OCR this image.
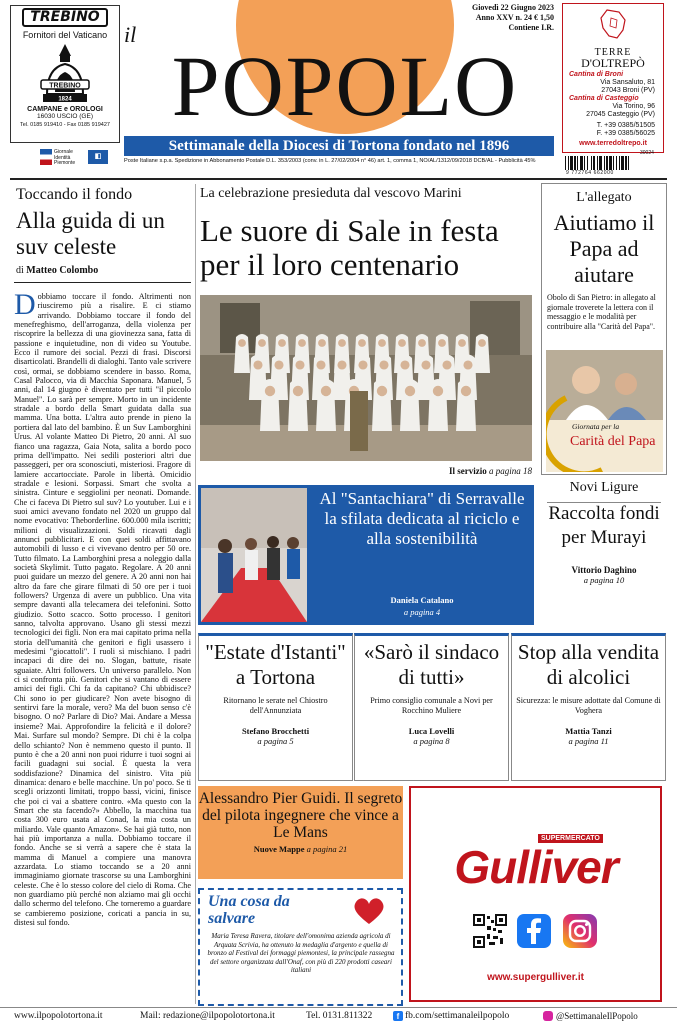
TREBINO
Fornitori del Vaticano
TREBINO
1824
CAMPANE e OROLOGI
16030 USCIO (GE)
Tel. 0185 919410 - Fax 0185 919427
Giornale Identità Piemonte
◧
il
POPOLO
Giovedì 22 Giugno 2023
Anno XXV n. 24 € 1,50
Contiene I.R.
Settimanale della Diocesi di Tortona fondato nel 1896
Poste Italiane s.p.a. Spedizione in Abbonamento Postale D.L. 353/2003 (conv. in L. 27/02/2004 n° 46) art. 1, comma 1, NO/AL/1312/09/2018 DCB/AL - Pubblicità 45%
TERRE
D'OLTREPÒ
Cantina di Broni
Via Sansaluto, 81
27043 Broni (PV)
Cantina di Casteggio
Via Torino, 96
27045 Casteggio (PV)
T. +39 0385/51505
F. +39 0385/56025
www.terredoltrepo.it
9 772764 662000
30024
Toccando il fondo
Alla guida di un suv celeste
di Matteo Colombo
Dobbiamo toccare il fondo. Altrimenti non riusciremo più a risalire. E ci stiamo arrivando. Dobbiamo toccare il fondo del menefreghismo, dell'arroganza, della violenza per riscoprire la bellezza di una giovinezza sana, fatta di passione e inquietudine, non di video su Youtube. Ecco il rumore dei social. Pezzi di frasi. Discorsi disarticolati. Brandelli di dialoghi. Tanto vale scrivere così, ormai, se dobbiamo scendere in basso. Roma, Casal Palocco, via di Macchia Saponara. Manuel, 5 anni, dal 14 giugno è diventato per tutti "il piccolo Manuel". Lo sarà per sempre. Morto in un incidente stradale a bordo della Smart guidata dalla sua mamma. Una botta. L'altra auto prende in pieno la portiera dal lato del bambino. È un Suv Lamborghini Urus. Al volante Matteo Di Pietro, 20 anni. Al suo fianco una ragazza, Gaia Nota, salita a bordo poco prima dell'impatto. Nei sedili posteriori altri due passeggeri, per ora sconosciuti, misteriosi. Fragore di lamiere accartocciate. Parole in libertà. Omicidio stradale e lesioni. Sorpassi. Smart che svolta a sinistra. Cinture e seggiolini per neonati. Domande. Che ci faceva Di Pietro sul suv? Lo youtuber. Lui e i suoi amici avevano fondato nel 2020 un gruppo dal nome evocativo: Theborderline. 600.000 mila iscritti; milioni di visualizzazioni. Soldi ricavati dagli annunci pubblicitari. E con quei soldi affittavano automobili di lusso e ci vivevano dentro per 50 ore. Tutto filmato. La Lamborghini presa a noleggio dalla società Skylimit. Tutto pagato. Regolare. A 20 anni puoi guidare un mezzo del genere. A 20 anni non hai altro da fare che girare filmati di 50 ore per i tuoi followers? Urgenza di avere un pubblico. Una vita sempre davanti alla telecamera dei telefonini. Sotto giudizio. Sotto scacco. Sotto processo. I genitori sanno, talvolta approvano. Usano gli stessi mezzi tecnologici dei figli. Non era mai capitato prima nella storia dell'umanità che genitori e figli usassero i medesimi "giocattoli". I ruoli si mischiano. I padri incapaci di dire dei no. Slogan, battute, risate sguaiate. Altri followers. Un universo parallelo. Non ci si confronta più. Genitori che si vantano di essere amici dei figli. Chi fa da capitano? Chi ubbidisce? Chi sono io per giudicare? Non avete bisogno di sentirvi fare la morale, vero? Ma del buon senso c'è bisogno. O no? Parlare di Dio? Mai. Andare a Messa insieme? Mai. Approfondire la felicità e il dolore? Mai. Surfare sul mondo? Sempre. Di chi è la colpa dello schianto? Non è nemmeno questo il punto. Il punto è che a 20 anni non puoi ridurre i tuoi sogni ai facili guadagni sui social. È questa la vera soddisfazione? Dinamica del sinistro. Vita più dinamica: denaro e belle macchine. Un po' poco. Se ti scegli orizzonti limitati, troppo bassi, vicini, finisce che poi ci vai a sbattere contro. «Ma questo con la Smart che sta facendo?» Abbello, la macchina tua costa 300 euro usata al Conad, la mia costa un miliardo. Vale quanto Amazon». Se hai già tutto, non hai più importanza a nulla. Dobbiamo toccare il fondo. Anche se si verrà a sapere che è stata la mamma di Manuel a compiere una manovra azzardata. Lo stiamo toccando se a 20 anni immaginiamo giornate trascorse su una Lamborghini celeste. Che è lo stesso colore del cielo di Roma. Che non guardiamo più perché non alziamo mai gli occhi dallo schermo del telefono. Che torneremo a guardare se cambieremo posizione, coricati a pancia in su, distesi sul fondo.
La celebrazione presieduta dal vescovo Marini
Le suore di Sale in festa per il loro centenario
Il servizio a pagina 18
Al "Santachiara" di Serravalle la sfilata dedicata al riciclo e alla sostenibilità
Daniela Catalano
a pagina 4
L'allegato
Aiutiamo il Papa ad aiutare
Obolo di San Pietro: in allegato al giornale troverete la lettera con il messaggio e le modalità per contribuire alla "Carità del Papa".
Giornata per la
Carità del Papa
Novi Ligure
Raccolta fondi per Murayi
Vittorio Daghino
a pagina 10
"Estate d'Istanti" a Tortona
Ritornano le serate nel Chiostro dell'Annunziata
Stefano Brocchetti
a pagina 5
«Sarò il sindaco di tutti»
Primo consiglio comunale a Novi per Rocchino Muliere
Luca Lovelli
a pagina 8
Stop alla vendita di alcolici
Sicurezza: le misure adottate dal Comune di Voghera
Mattia Tanzi
a pagina 11
Alessandro Pier Guidi. Il segreto del pilota ingegnere che vince a Le Mans
Nuove Mappe a pagina 21
Una cosa da salvare
Maria Teresa Ravera, titolare dell'omonima azienda agricola di Arquata Scrivia, ha ottenuto la medaglia d'argento e quella di bronzo al Festival dei formaggi piemontesi, la principale rassegna del settore organizzata dall'Onaf, con più di 220 prodotti caseari italiani
SUPERMERCATO
Gulliver
www.supergulliver.it
www.ilpopolotortona.it	Mail: redazione@ilpopolotortona.it	Tel. 0131.811322	f fb.com/settimanaleilpopolo	@SettimanaleIlPopolo
